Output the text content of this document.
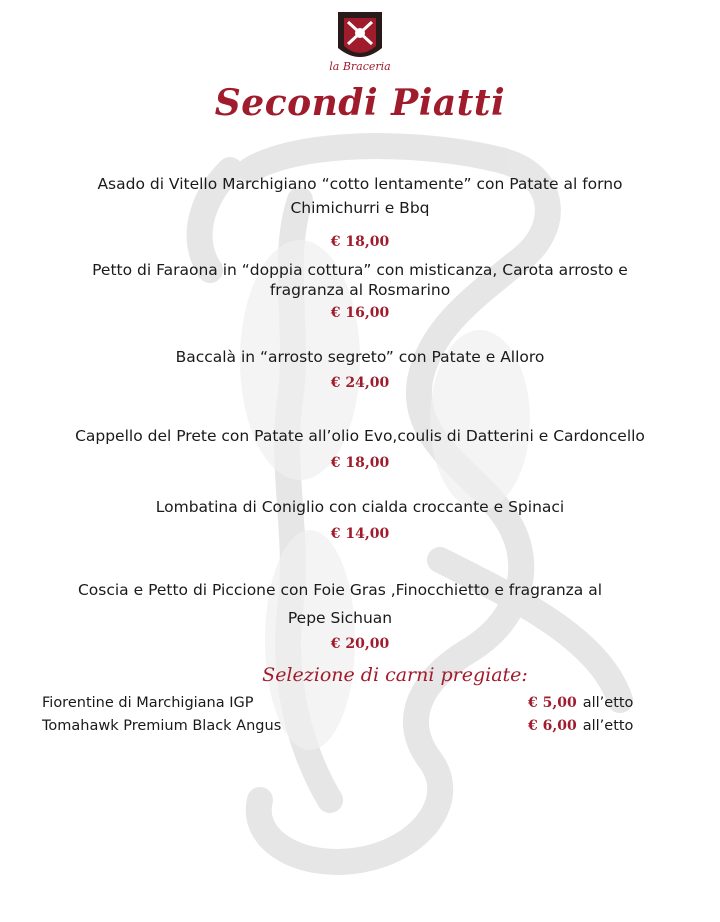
la Braceria
Secondi Piatti
Asado di Vitello Marchigiano “cotto lentamente” con Patate al forno
Chimichurri e Bbq
€ 18,00
Petto di Faraona in “doppia cottura” con misticanza, Carota arrosto e
fragranza al Rosmarino
€ 16,00
Baccalà in “arrosto segreto” con Patate e Alloro
€ 24,00
Cappello del Prete con Patate all’olio Evo,coulis di Datterini e Cardoncello
€ 18,00
Lombatina di Coniglio con cialda croccante e Spinaci
€ 14,00
Coscia e Petto di Piccione con Foie Gras ,Finocchietto e fragranza al
Pepe Sichuan
€ 20,00
Selezione di carni pregiate:
Fiorentine di Marchigiana IGP	€ 5,00 all’etto
Tomahawk Premium Black Angus	€ 6,00 all’etto
